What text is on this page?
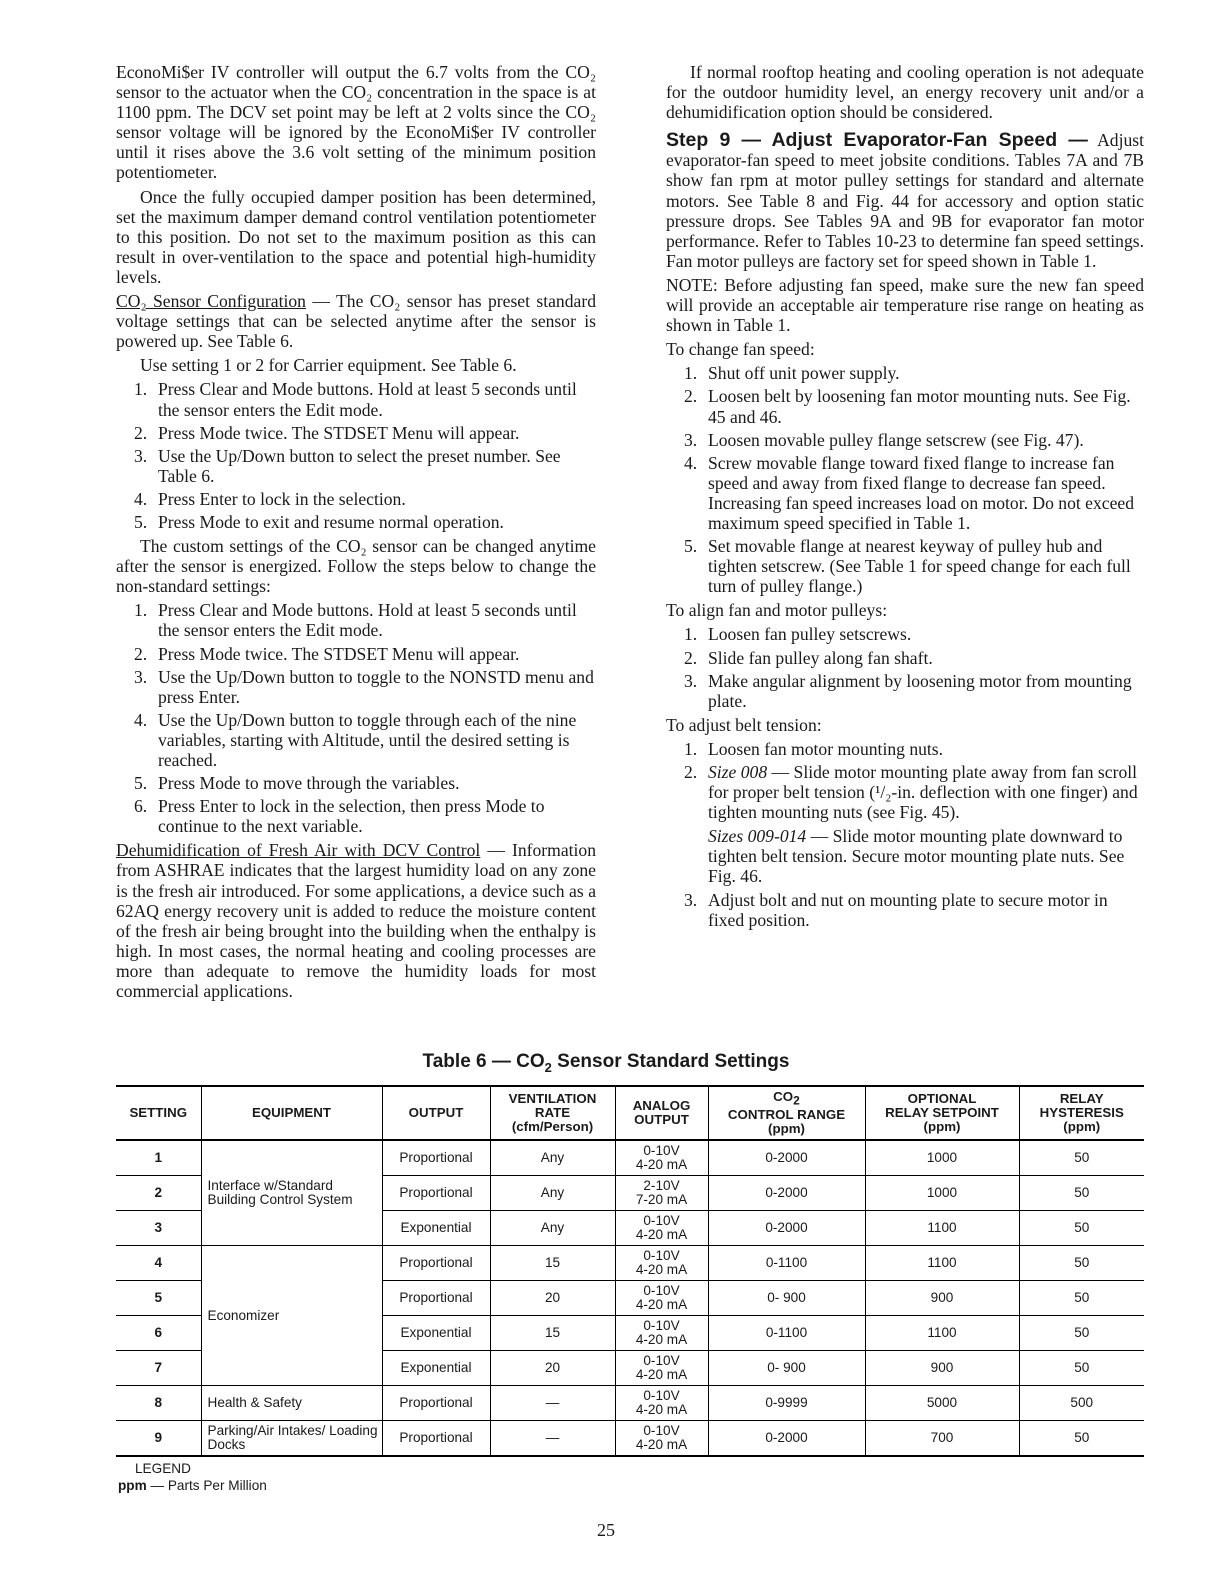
EconoMi$er IV controller will output the 6.7 volts from the CO₂ sensor to the actuator when the CO₂ concentration in the space is at 1100 ppm. The DCV set point may be left at 2 volts since the CO₂ sensor voltage will be ignored by the EconoMi$er IV controller until it rises above the 3.6 volt setting of the minimum position potentiometer.

Once the fully occupied damper position has been determined, set the maximum damper demand control ventilation potentiometer to this position. Do not set to the maximum position as this can result in over-ventilation to the space and potential high-humidity levels.

CO₂ Sensor Configuration — The CO₂ sensor has preset standard voltage settings that can be selected anytime after the sensor is powered up. See Table 6.

Use setting 1 or 2 for Carrier equipment. See Table 6.

1. Press Clear and Mode buttons. Hold at least 5 seconds until the sensor enters the Edit mode.
2. Press Mode twice. The STDSET Menu will appear.
3. Use the Up/Down button to select the preset number. See Table 6.
4. Press Enter to lock in the selection.
5. Press Mode to exit and resume normal operation.

The custom settings of the CO₂ sensor can be changed anytime after the sensor is energized. Follow the steps below to change the non-standard settings:

1. Press Clear and Mode buttons. Hold at least 5 seconds until the sensor enters the Edit mode.
2. Press Mode twice. The STDSET Menu will appear.
3. Use the Up/Down button to toggle to the NONSTD menu and press Enter.
4. Use the Up/Down button to toggle through each of the nine variables, starting with Altitude, until the desired setting is reached.
5. Press Mode to move through the variables.
6. Press Enter to lock in the selection, then press Mode to continue to the next variable.

Dehumidification of Fresh Air with DCV Control — Information from ASHRAE indicates that the largest humidity load on any zone is the fresh air introduced. For some applications, a device such as a 62AQ energy recovery unit is added to reduce the moisture content of the fresh air being brought into the building when the enthalpy is high. In most cases, the normal heating and cooling processes are more than adequate to remove the humidity loads for most commercial applications.

If normal rooftop heating and cooling operation is not adequate for the outdoor humidity level, an energy recovery unit and/or a dehumidification option should be considered.

Step 9 — Adjust Evaporator-Fan Speed — Adjust evaporator-fan speed to meet jobsite conditions. Tables 7A and 7B show fan rpm at motor pulley settings for standard and alternate motors. See Table 8 and Fig. 44 for accessory and option static pressure drops. See Tables 9A and 9B for evaporator fan motor performance. Refer to Tables 10-23 to determine fan speed settings. Fan motor pulleys are factory set for speed shown in Table 1.

NOTE: Before adjusting fan speed, make sure the new fan speed will provide an acceptable air temperature rise range on heating as shown in Table 1.

To change fan speed:

1. Shut off unit power supply.
2. Loosen belt by loosening fan motor mounting nuts. See Fig. 45 and 46.
3. Loosen movable pulley flange setscrew (see Fig. 47).
4. Screw movable flange toward fixed flange to increase fan speed and away from fixed flange to decrease fan speed. Increasing fan speed increases load on motor. Do not exceed maximum speed specified in Table 1.
5. Set movable flange at nearest keyway of pulley hub and tighten setscrew. (See Table 1 for speed change for each full turn of pulley flange.)

To align fan and motor pulleys:

1. Loosen fan pulley setscrews.
2. Slide fan pulley along fan shaft.
3. Make angular alignment by loosening motor from mounting plate.

To adjust belt tension:

1. Loosen fan motor mounting nuts.
2. Size 008 — Slide motor mounting plate away from fan scroll for proper belt tension (¹/₂-in. deflection with one finger) and tighten mounting nuts (see Fig. 45).
Sizes 009-014 — Slide motor mounting plate downward to tighten belt tension. Secure motor mounting plate nuts. See Fig. 46.
3. Adjust bolt and nut on mounting plate to secure motor in fixed position.
Table 6 — $CO_2$ Sensor Standard Settings
SETTING	EQUIPMENT	OUTPUT	VENTILATION
RATE
(cfm/Person)	ANALOG
OUTPUT	$CO_2$
CONTROL RANGE
(ppm)	OPTIONAL
RELAY SETPOINT
(ppm)	RELAY
HYSTERESIS
(ppm)
1	Interface w/Standard Building Control System	Proportional	Any	0-10V
4-20 mA	0-2000	1000	50
2		Proportional	Any	2-10V
7-20 mA	0-2000	1000	50
3		Exponential	Any	0-10V
4-20 mA	0-2000	1100	50
4	Economizer	Proportional	15	0-10V
4-20 mA	0-1100	1100	50
5		Proportional	20	0-10V
4-20 mA	0- 900	900	50
6		Exponential	15	0-10V
4-20 mA	0-1100	1100	50
7		Exponential	20	0-10V
4-20 mA	0- 900	900	50
8	Health & Safety	Proportional	—	0-10V
4-20 mA	0-9999	5000	500
9	Parking/Air Intakes/ Loading Docks	Proportional	—	0-10V
4-20 mA	0-2000	700	50
LEGEND
ppm — Parts Per Million
25
